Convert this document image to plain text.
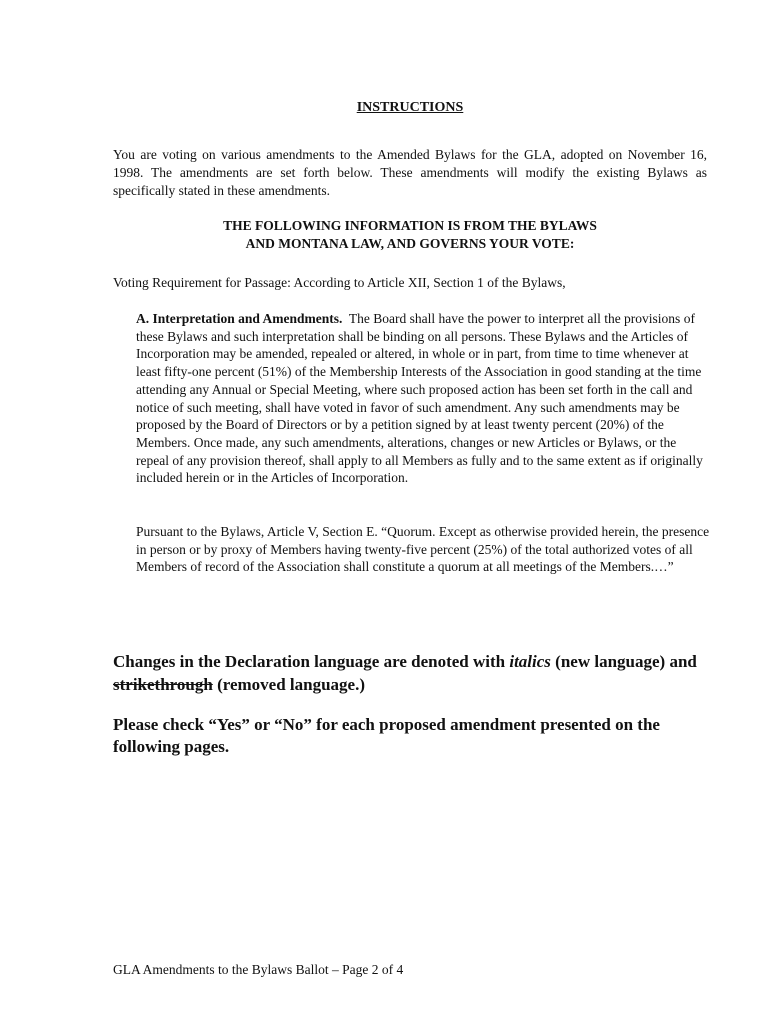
INSTRUCTIONS
You are voting on various amendments to the Amended Bylaws for the GLA, adopted on November 16, 1998. The amendments are set forth below. These amendments will modify the existing Bylaws as specifically stated in these amendments.
THE FOLLOWING INFORMATION IS FROM THE BYLAWS
AND MONTANA LAW, AND GOVERNS YOUR VOTE:
Voting Requirement for Passage: According to Article XII, Section 1 of the Bylaws,
A. Interpretation and Amendments. The Board shall have the power to interpret all the provisions of these Bylaws and such interpretation shall be binding on all persons. These Bylaws and the Articles of Incorporation may be amended, repealed or altered, in whole or in part, from time to time whenever at least fifty-one percent (51%) of the Membership Interests of the Association in good standing at the time attending any Annual or Special Meeting, where such proposed action has been set forth in the call and notice of such meeting, shall have voted in favor of such amendment. Any such amendments may be proposed by the Board of Directors or by a petition signed by at least twenty percent (20%) of the Members. Once made, any such amendments, alterations, changes or new Articles or Bylaws, or the repeal of any provision thereof, shall apply to all Members as fully and to the same extent as if originally included herein or in the Articles of Incorporation.
Pursuant to the Bylaws, Article V, Section E. “Quorum. Except as otherwise provided herein, the presence in person or by proxy of Members having twenty-five percent (25%) of the total authorized votes of all Members of record of the Association shall constitute a quorum at all meetings of the Members.…”
Changes in the Declaration language are denoted with italics (new language) and strikethrough (removed language.)
Please check “Yes” or “No” for each proposed amendment presented on the following pages.
GLA Amendments to the Bylaws Ballot – Page 2 of 4
